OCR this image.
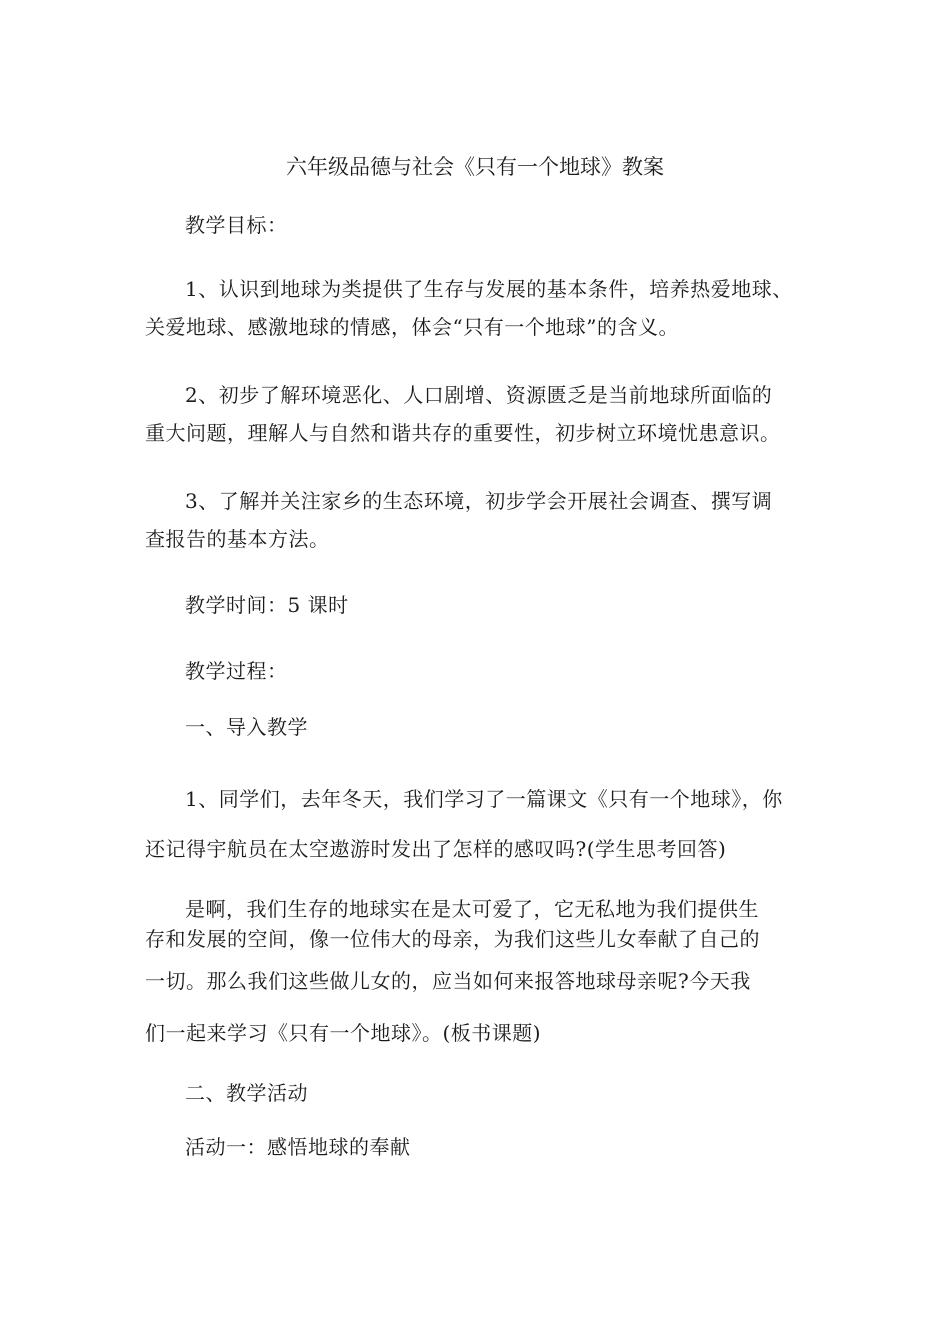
六年级品德与社会《只有一个地球》教案
教学目标：
1、认识到地球为类提供了生存与发展的基本条件，培养热爱地球、
关爱地球、感激地球的情感，体会“只有一个地球”的含义。
2、初步了解环境恶化、人口剧增、资源匮乏是当前地球所面临的
重大问题，理解人与自然和谐共存的重要性，初步树立环境忧患意识。
3、了解并关注家乡的生态环境，初步学会开展社会调查、撰写调
查报告的基本方法。
教学时间：5 课时
教学过程：
一、导入教学
1、同学们，去年冬天，我们学习了一篇课文《只有一个地球》，你
还记得宇航员在太空遨游时发出了怎样的感叹吗?(学生思考回答)
是啊，我们生存的地球实在是太可爱了，它无私地为我们提供生
存和发展的空间，像一位伟大的母亲，为我们这些儿女奉献了自己的
一切。那么我们这些做儿女的，应当如何来报答地球母亲呢?今天我
们一起来学习《只有一个地球》。(板书课题)
二、教学活动
活动一：感悟地球的奉献
